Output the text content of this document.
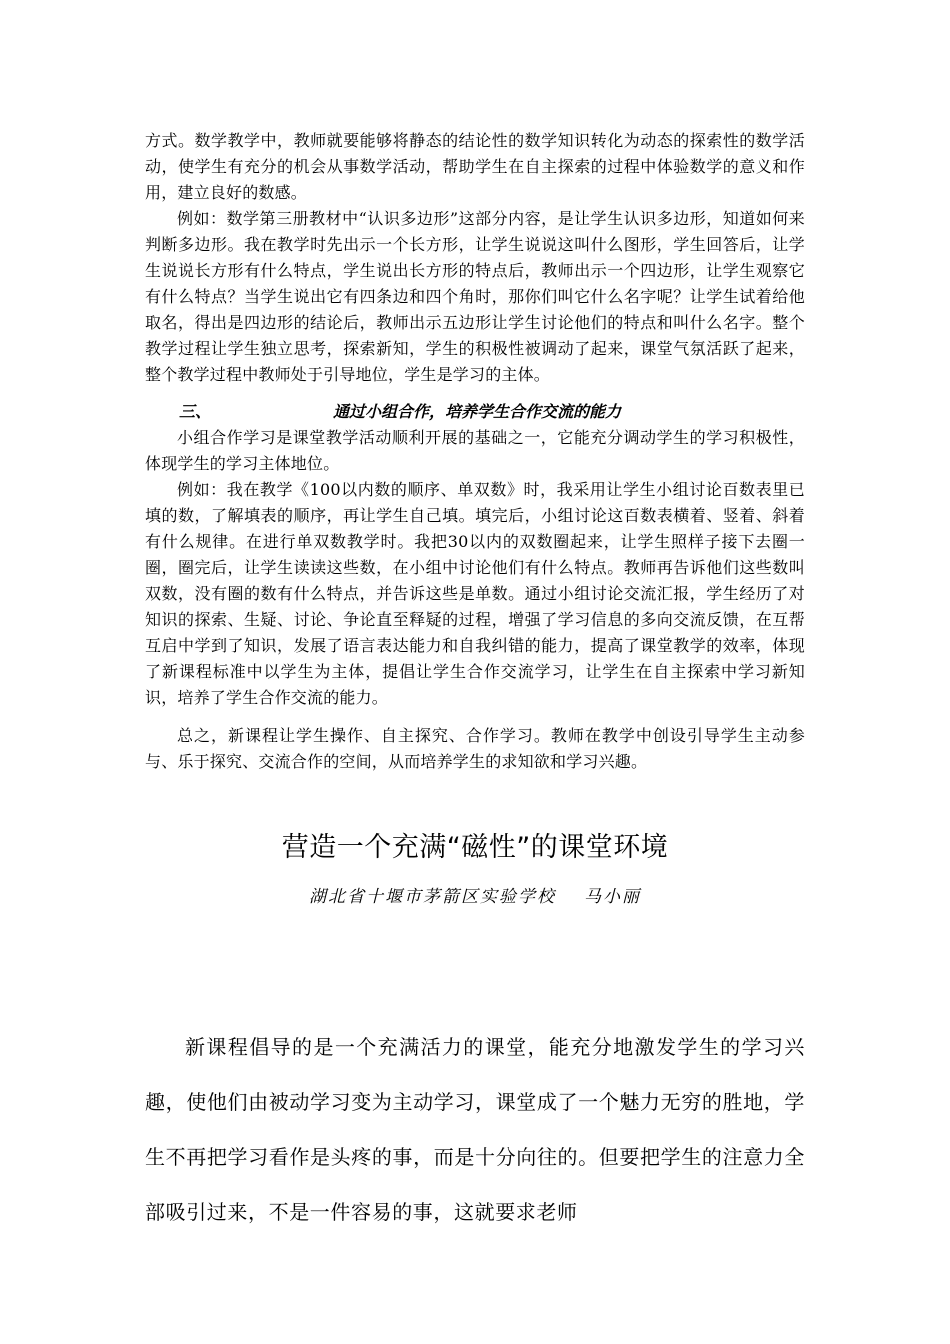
方式。数学教学中，教师就要能够将静态的结论性的数学知识转化为动态的探索性的数学活动，使学生有充分的机会从事数学活动，帮助学生在自主探索的过程中体验数学的意义和作用，建立良好的数感。

例如：数学第三册教材中“认识多边形”这部分内容，是让学生认识多边形，知道如何来判断多边形。我在教学时先出示一个长方形，让学生说说这叫什么图形，学生回答后，让学生说说长方形有什么特点，学生说出长方形的特点后，教师出示一个四边形，让学生观察它有什么特点？当学生说出它有四条边和四个角时，那你们叫它什么名字呢？让学生试着给他取名，得出是四边形的结论后，教师出示五边形让学生讨论他们的特点和叫什么名字。整个教学过程让学生独立思考，探索新知，学生的积极性被调动了起来，课堂气氛活跃了起来，整个教学过程中教师处于引导地位，学生是学习的主体。

三、	通过小组合作，培养学生合作交流的能力

小组合作学习是课堂教学活动顺利开展的基础之一，它能充分调动学生的学习积极性，体现学生的学习主体地位。

例如：我在教学《100以内数的顺序、单双数》时，我采用让学生小组讨论百数表里已填的数，了解填表的顺序，再让学生自己填。填完后，小组讨论这百数表横着、竖着、斜着有什么规律。在进行单双数教学时。我把30以内的双数圈起来，让学生照样子接下去圈一圈，圈完后，让学生读读这些数，在小组中讨论他们有什么特点。教师再告诉他们这些数叫双数，没有圈的数有什么特点，并告诉这些是单数。通过小组讨论交流汇报，学生经历了对知识的探索、生疑、讨论、争论直至释疑的过程，增强了学习信息的多向交流反馈，在互帮互启中学到了知识，发展了语言表达能力和自我纠错的能力，提高了课堂教学的效率，体现了新课程标准中以学生为主体，提倡让学生合作交流学习，让学生在自主探索中学习新知识，培养了学生合作交流的能力。

总之，新课程让学生操作、自主探究、合作学习。教师在教学中创设引导学生主动参与、乐于探究、交流合作的空间，从而培养学生的求知欲和学习兴趣。

营造一个充满“磁性”的课堂环境
湖北省十堰市茅箭区实验学校 马小丽

新课程倡导的是一个充满活力的课堂，能充分地激发学生的学习兴趣，使他们由被动学习变为主动学习，课堂成了一个魅力无穷的胜地，学生不再把学习看作是头疼的事，而是十分向往的。但要把学生的注意力全部吸引过来，不是一件容易的事，这就要求老师
